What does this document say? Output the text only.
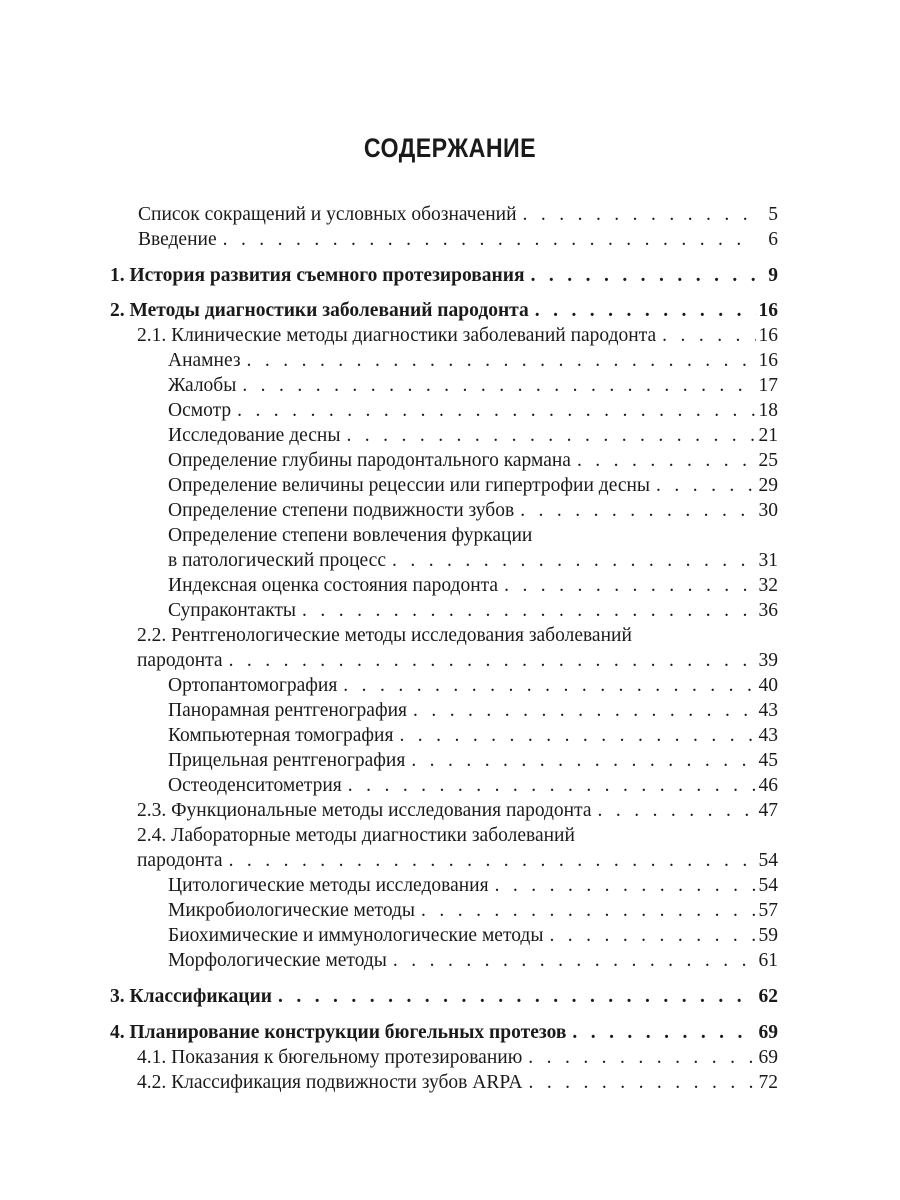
СОДЕРЖАНИЕ
Список сокращений и условных обозначений . . .	5
Введение . . .	6
1. История развития съемного протезирования . . .	9
2. Методы диагностики заболеваний пародонта . . .	16
2.1. Клинические методы диагностики заболеваний пародонта . . .	16
Анамнез . . .	16
Жалобы . . .	17
Осмотр . . .	18
Исследование десны . . .	21
Определение глубины пародонтального кармана . . .	25
Определение величины рецессии или гипертрофии десны . . .	29
Определение степени подвижности зубов . . .	30
Определение степени вовлечения фуркации
в патологический процесс . . .	31
Индексная оценка состояния пародонта . . .	32
Супраконтакты . . .	36
2.2. Рентгенологические методы исследования заболеваний
пародонта . . .	39
Ортопантомография . . .	40
Панорамная рентгенография . . .	43
Компьютерная томография . . .	43
Прицельная рентгенография . . .	45
Остеоденситометрия . . .	46
2.3. Функциональные методы исследования пародонта . . .	47
2.4. Лабораторные методы диагностики заболеваний
пародонта . . .	54
Цитологические методы исследования . . .	54
Микробиологические методы . . .	57
Биохимические и иммунологические методы . . .	59
Морфологические методы . . .	61
3. Классификации . . .	62
4. Планирование конструкции бюгельных протезов . . .	69
4.1. Показания к бюгельному протезированию . . .	69
4.2. Классификация подвижности зубов ARPA . . .	72
